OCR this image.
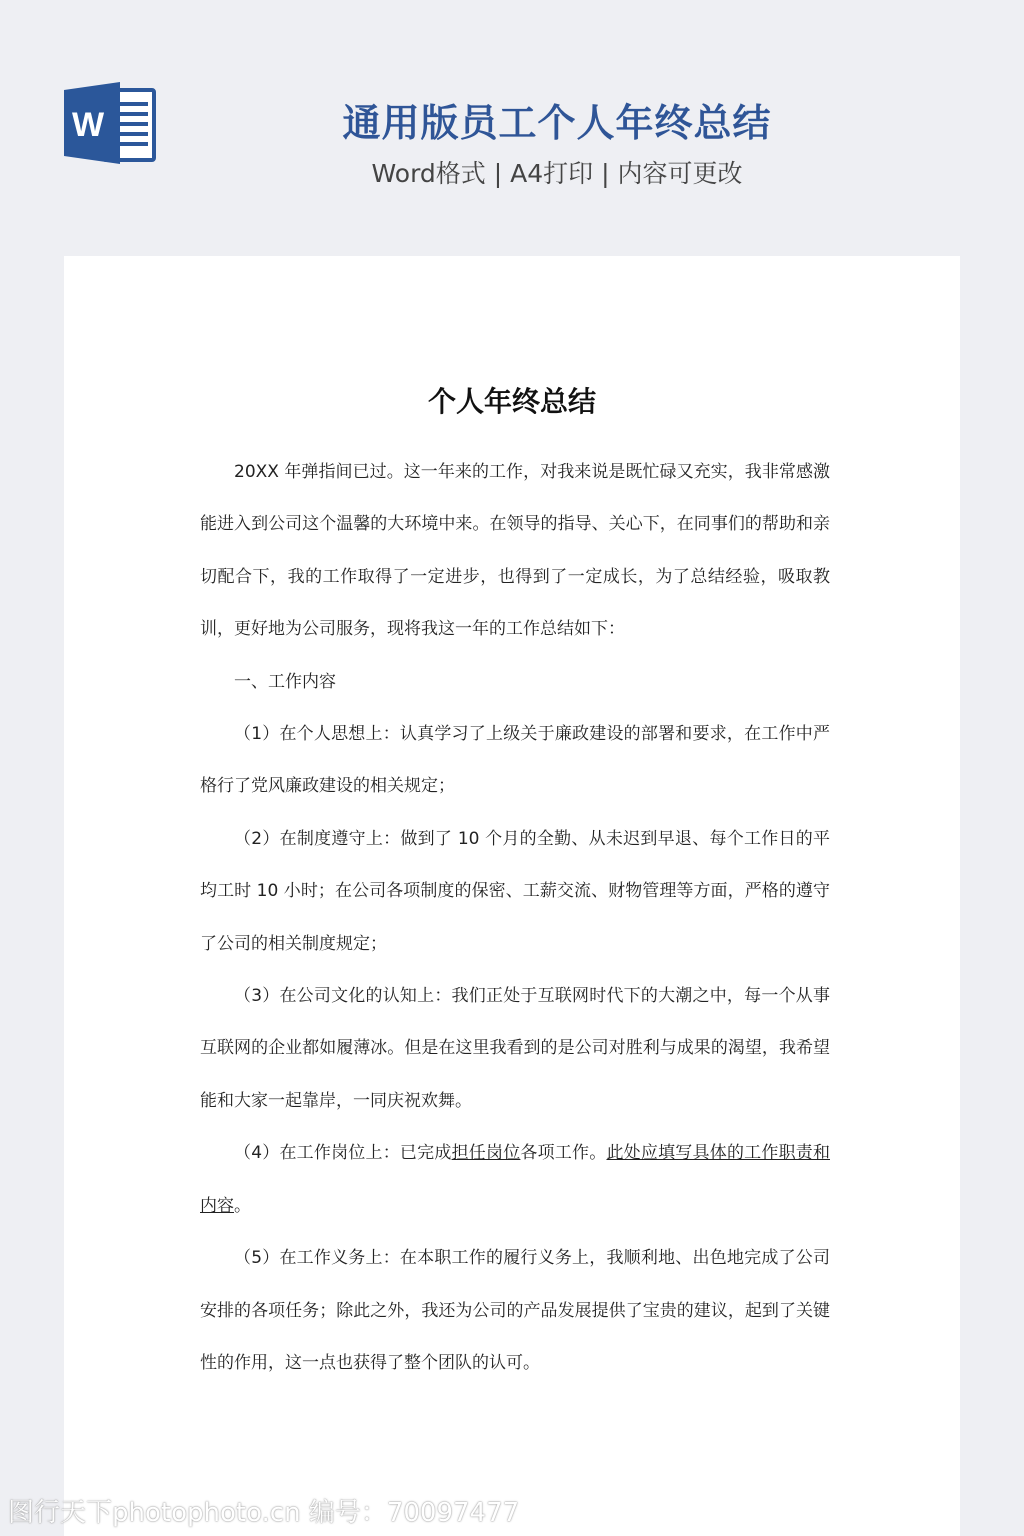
W	通用版员工个人年终总结
Word格式 | A4打印 | 内容可更改
个人年终总结

20XX 年弹指间已过。这一年来的工作，对我来说是既忙碌又充实，我非常感激能进入到公司这个温馨的大环境中来。在领导的指导、关心下，在同事们的帮助和亲切配合下，我的工作取得了一定进步，也得到了一定成长，为了总结经验，吸取教训，更好地为公司服务，现将我这一年的工作总结如下：

一、工作内容

（1）在个人思想上：认真学习了上级关于廉政建设的部署和要求，在工作中严格行了党风廉政建设的相关规定；

（2）在制度遵守上：做到了 10 个月的全勤、从未迟到早退、每个工作日的平均工时 10 小时；在公司各项制度的保密、工薪交流、财物管理等方面，严格的遵守了公司的相关制度规定；

（3）在公司文化的认知上：我们正处于互联网时代下的大潮之中，每一个从事互联网的企业都如履薄冰。但是在这里我看到的是公司对胜利与成果的渴望，我希望能和大家一起靠岸，一同庆祝欢舞。

（4）在工作岗位上：已完成担任岗位各项工作。此处应填写具体的工作职责和内容。

（5）在工作义务上：在本职工作的履行义务上，我顺利地、出色地完成了公司安排的各项任务；除此之外，我还为公司的产品发展提供了宝贵的建议，起到了关键性的作用，这一点也获得了整个团队的认可。

图行天下photophoto.cn 编号：70097477
